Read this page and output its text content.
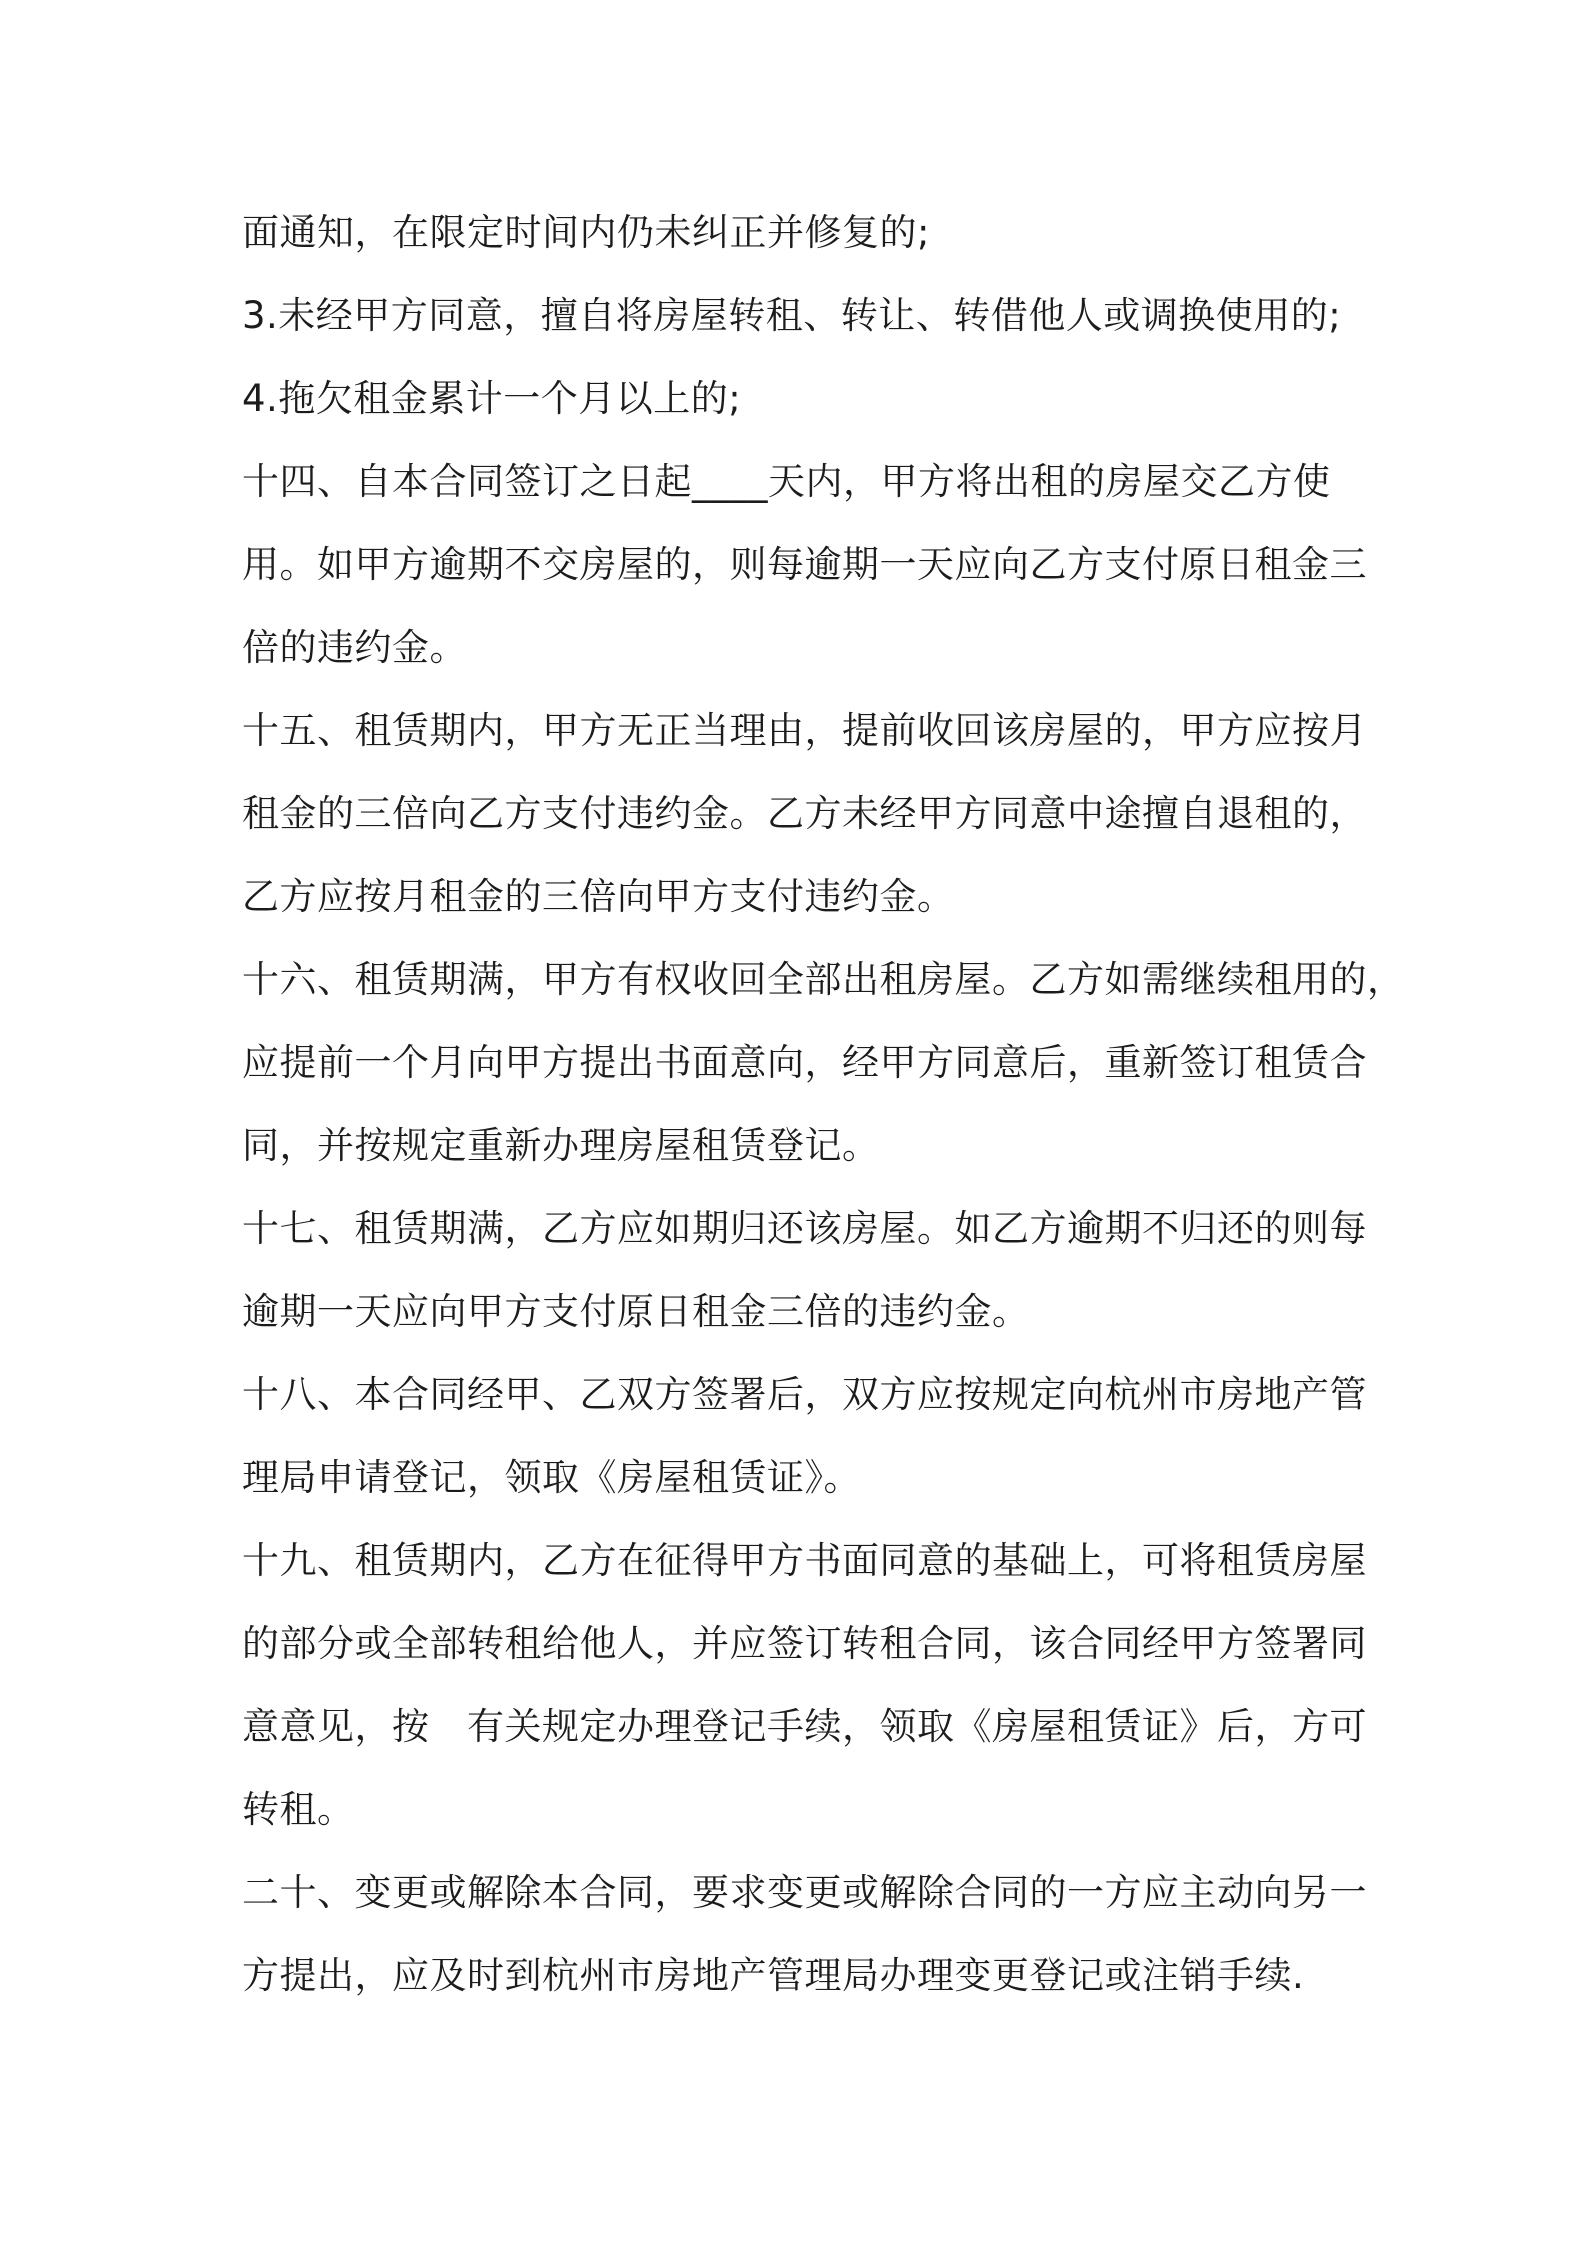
面通知，在限定时间内仍未纠正并修复的;
3.未经甲方同意，擅自将房屋转租、转让、转借他人或调换使用的;
4.拖欠租金累计一个月以上的;
十四、自本合同签订之日起____天内，甲方将出租的房屋交乙方使
用。如甲方逾期不交房屋的，则每逾期一天应向乙方支付原日租金三
倍的违约金。
十五、租赁期内，甲方无正当理由，提前收回该房屋的，甲方应按月
租金的三倍向乙方支付违约金。乙方未经甲方同意中途擅自退租的，
乙方应按月租金的三倍向甲方支付违约金。
十六、租赁期满，甲方有权收回全部出租房屋。乙方如需继续租用的，
应提前一个月向甲方提出书面意向，经甲方同意后，重新签订租赁合
同，并按规定重新办理房屋租赁登记。
十七、租赁期满，乙方应如期归还该房屋。如乙方逾期不归还的则每
逾期一天应向甲方支付原日租金三倍的违约金。
十八、本合同经甲、乙双方签署后，双方应按规定向杭州市房地产管
理局申请登记，领取《房屋租赁证》。
十九、租赁期内，乙方在征得甲方书面同意的基础上，可将租赁房屋
的部分或全部转租给他人，并应签订转租合同，该合同经甲方签署同
意意见，按　有关规定办理登记手续，领取《房屋租赁证》后，方可
转租。
二十、变更或解除本合同，要求变更或解除合同的一方应主动向另一
方提出，应及时到杭州市房地产管理局办理变更登记或注销手续.
